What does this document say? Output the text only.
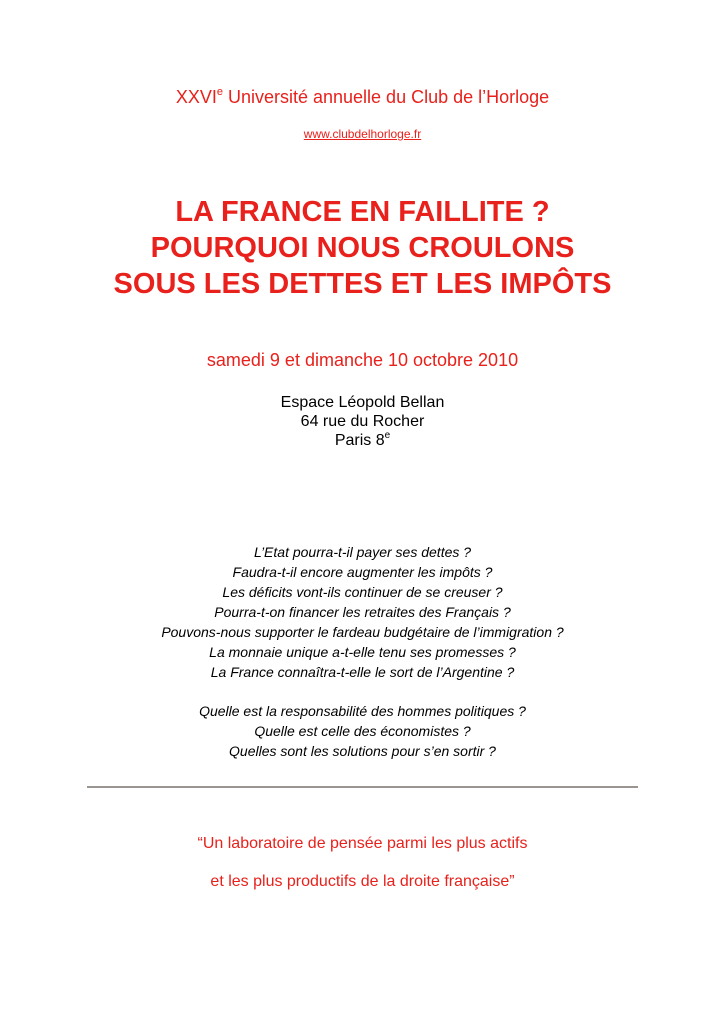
XXVIe Université annuelle du Club de l’Horloge
www.clubdelhorloge.fr
LA FRANCE EN FAILLITE ?
POURQUOI NOUS CROULONS
SOUS LES DETTES ET LES IMPÔTS
samedi 9 et dimanche 10 octobre 2010
Espace Léopold Bellan
64 rue du Rocher
Paris 8e
L’Etat pourra-t-il payer ses dettes ?
Faudra-t-il encore augmenter les impôts ?
Les déficits vont-ils continuer de se creuser ?
Pourra-t-on financer les retraites des Français ?
Pouvons-nous supporter le fardeau budgétaire de l’immigration ?
La monnaie unique a-t-elle tenu ses promesses ?
La France connaîtra-t-elle le sort de l’Argentine ?
Quelle est la responsabilité des hommes politiques ?
Quelle est celle des économistes ?
Quelles sont les solutions pour s’en sortir ?
“Un laboratoire de pensée parmi les plus actifs
et les plus productifs de la droite française”
